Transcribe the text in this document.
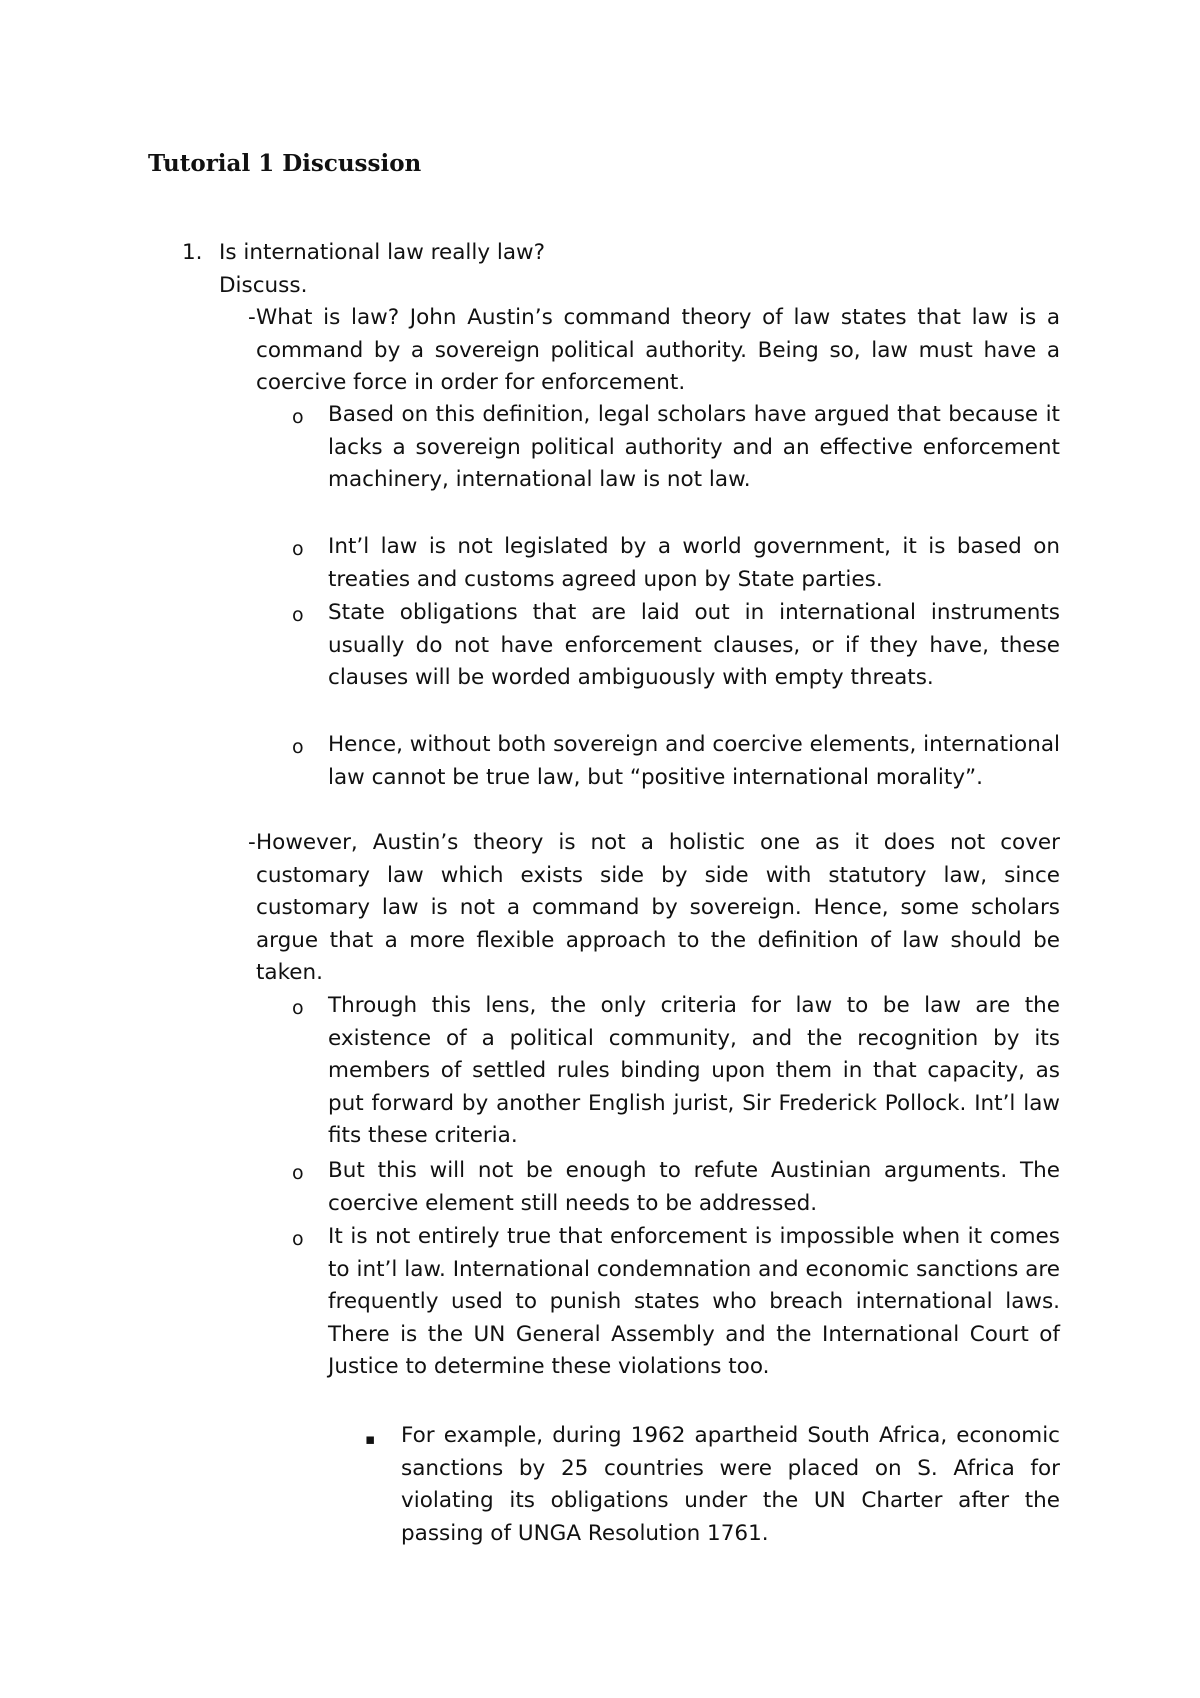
Tutorial 1 Discussion
1. Is international law really law?

Discuss.

- What is law? John Austin’s command theory of law states that law is a command by a sovereign political authority. Being so, law must have a coercive force in order for enforcement.

o Based on this definition, legal scholars have argued that because it lacks a sovereign political authority and an effective enforcement machinery, international law is not law.

o Int’l law is not legislated by a world government, it is based on treaties and customs agreed upon by State parties.

o State obligations that are laid out in international instruments usually do not have enforcement clauses, or if they have, these clauses will be worded ambiguously with empty threats.

o Hence, without both sovereign and coercive elements, international law cannot be true law, but “positive international morality”.

- However, Austin’s theory is not a holistic one as it does not cover customary law which exists side by side with statutory law, since customary law is not a command by sovereign. Hence, some scholars argue that a more flexible approach to the definition of law should be taken.

o Through this lens, the only criteria for law to be law are the existence of a political community, and the recognition by its members of settled rules binding upon them in that capacity, as put forward by another English jurist, Sir Frederick Pollock. Int’l law fits these criteria.

o But this will not be enough to refute Austinian arguments. The coercive element still needs to be addressed.

o It is not entirely true that enforcement is impossible when it comes to int’l law. International condemnation and economic sanctions are frequently used to punish states who breach international laws. There is the UN General Assembly and the International Court of Justice to determine these violations too.

▪ For example, during 1962 apartheid South Africa, economic sanctions by 25 countries were placed on S. Africa for violating its obligations under the UN Charter after the passing of UNGA Resolution 1761.
